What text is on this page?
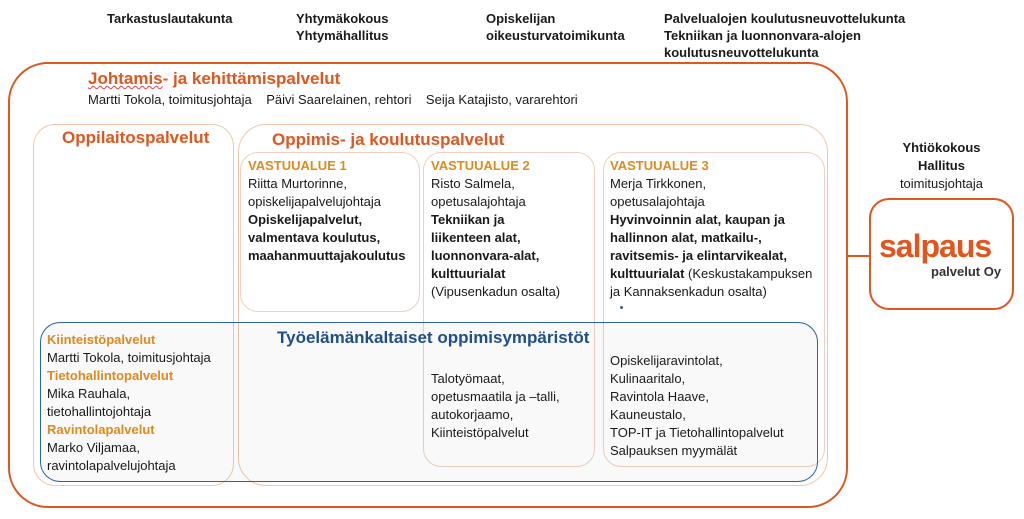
Tarkastuslautakunta	Yhtymäkokous
Yhtymähallitus
Opiskelijan
oikeusturvatoimikunta
Palvelualojen koulutusneuvottelukunta
Tekniikan ja luonnonvara-alojen
koulutusneuvottelukunta
Johtamis- ja kehittämispalvelut
Martti Tokola, toimitusjohtaja    Päivi Saarelainen, rehtori    Seija Katajisto, vararehtori
Oppilaitospalvelut	Oppimis- ja koulutuspalvelut
Työelämänkaltaiset oppimisympäristöt
VASTUUALUE 1
Riitta Murtorinne,
opiskelijapalvelujohtaja
Opiskelijapalvelut,
valmentava koulutus,
maahanmuuttajakoulutus
VASTUUALUE 2
Risto Salmela,
opetusalajohtaja
Tekniikan ja
liikenteen alat,
luonnonvara-alat,
kulttuurialat
(Vipusenkadun osalta)
VASTUUALUE 3
Merja Tirkkonen,
opetusalajohtaja
Hyvinvoinnin alat, kaupan ja
hallinnon alat, matkailu-,
ravitsemis- ja elintarvikealat,
kulttuurialat (Keskustakampuksen
ja Kannaksenkadun osalta)
Kiinteistöpalvelut
Martti Tokola, toimitusjohtaja
Tietohallintopalvelut
Mika Rauhala,
tietohallintojohtaja
Ravintolapalvelut
Marko Viljamaa,
ravintolapalvelujohtaja
Talotyömaat,
opetusmaatila ja –talli,
autokorjaamo,
Kiinteistöpalvelut
Opiskelijaravintolat,
Kulinaaritalo,
Ravintola Haave,
Kauneustalo,
TOP-IT ja Tietohallintopalvelut
Salpauksen myymälät
Yhtiökokous
Hallitus
toimitusjohtaja
salpaus
palvelut Oy
